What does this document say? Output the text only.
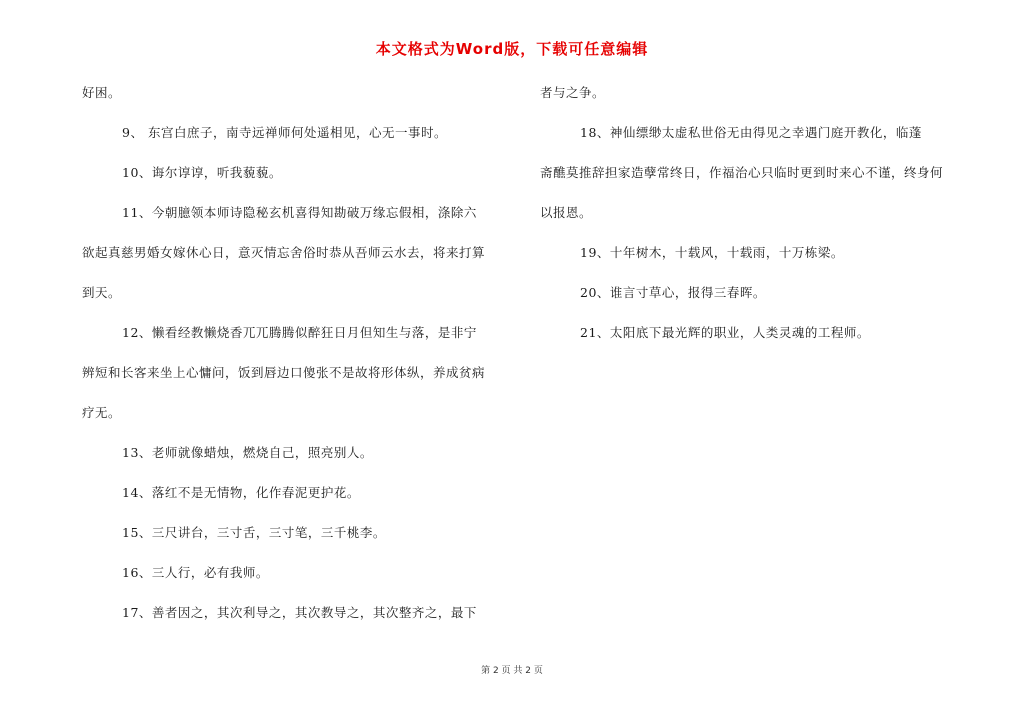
本文格式为Word版，下载可任意编辑
好困。
9、 东宫白庶子，南寺远禅师何处遥相见，心无一事时。
10、诲尔谆谆，听我藐藐。
11、今朝臆领本师诗隐秘玄机喜得知勘破万缘忘假相，涤除六
欲起真慈男婚女嫁休心日，意灭情忘舍俗时恭从吾师云水去，将来打算
到天。
12、懒看经教懒烧香兀兀腾腾似醉狂日月但知生与落，是非宁
辨短和长客来坐上心慵问，饭到唇边口傻张不是故将形体纵，养成贫病
疗无。
13、老师就像蜡烛，燃烧自己，照亮别人。
14、落红不是无情物，化作春泥更护花。
15、三尺讲台，三寸舌，三寸笔，三千桃李。
16、三人行，必有我师。
17、善者因之，其次利导之，其次教导之，其次整齐之，最下
者与之争。
18、神仙缥缈太虚私世俗无由得见之幸遇门庭开教化，临蓬
斋醮莫推辞担家造孽常终日，作福治心只临时更到时来心不谨，终身何
以报恩。
19、十年树木，十载风，十载雨，十万栋梁。
20、谁言寸草心，报得三春晖。
21、太阳底下最光辉的职业，人类灵魂的工程师。
第 2 页 共 2 页
